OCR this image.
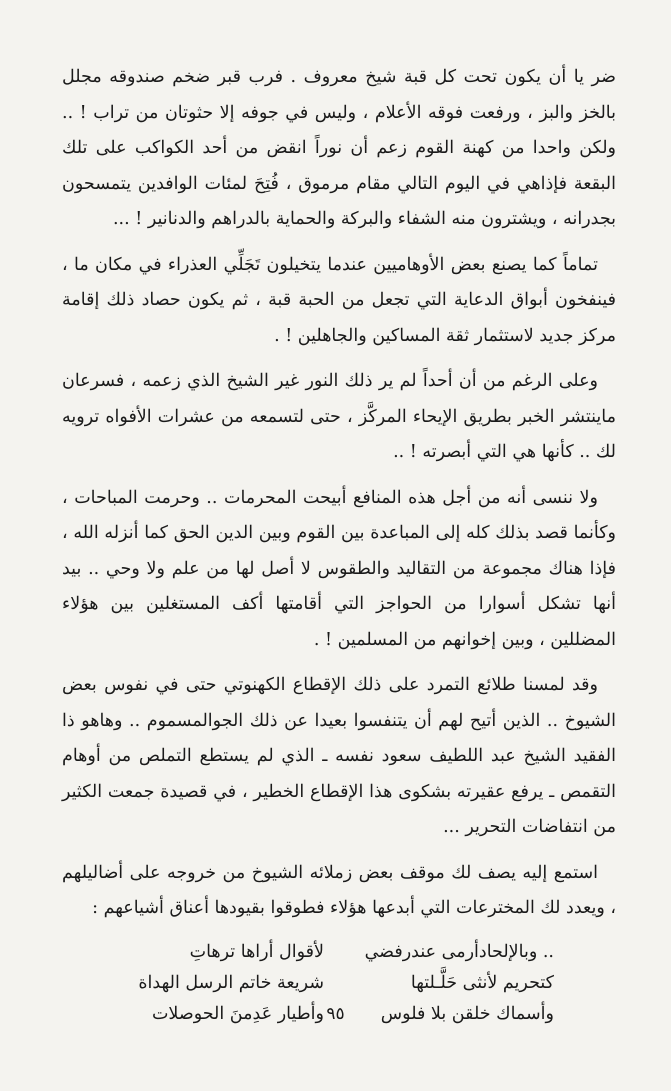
ضر يا أن يكون تحت كل قبة شيخ معروف . فرب قبر ضخم صندوقه مجلل بالخز والبز ، ورفعت فوقه الأعلام ، وليس في جوفه إلا حثوتان من تراب ! .. ولكن واحدا من كهنة القوم زعم أن نوراً انقض من أحد الكواكب على تلك البقعة فإذاهي في اليوم التالي مقام مرموق ، فُتِحَ لمئات الوافدين يتمسحون بجدرانه ، ويشترون منه الشفاء والبركة والحماية بالدراهم والدنانير ! ...

تماماً كما يصنع بعض الأوهاميين عندما يتخيلون تَجَلِّي العذراء في مكان ما ، فينفخون أبواق الدعاية التي تجعل من الحبة قبة ، ثم يكون حصاد ذلك إقامة مركز جديد لاستثمار ثقة المساكين والجاهلين ! .

وعلى الرغم من أن أحداً لم ير ذلك النور غير الشيخ الذي زعمه ، فسرعان ماينتشر الخبر بطريق الإيحاء المركَّز ، حتى لتسمعه من عشرات الأفواه ترويه لك .. كأنها هي التي أبصرته ! ..

ولا ننسى أنه من أجل هذه المنافع أبيحت المحرمات .. وحرمت المباحات ، وكأنما قصد بذلك كله إلى المباعدة بين القوم وبين الدين الحق كما أنزله الله ، فإذا هناك مجموعة من التقاليد والطقوس لا أصل لها من علم ولا وحي .. بيد أنها تشكل أسوارا من الحواجز التي أقامتها أكف المستغلين بين هؤلاء المضللين ، وبين إخوانهم من المسلمين ! .

وقد لمسنا طلائع التمرد على ذلك الإقطاع الكهنوتي حتى في نفوس بعض الشيوخ .. الذين أتيح لهم أن يتنفسوا بعيدا عن ذلك الجوالمسموم .. وهاهو ذا الفقيد الشيخ عبد اللطيف سعود نفسه ـ الذي لم يستطع التملص من أوهام التقمص ـ يرفع عقيرته بشكوى هذا الإقطاع الخطير ، في قصيدة جمعت الكثير من انتفاضات التحرير ...

استمع إليه يصف لك موقف بعض زملائه الشيوخ من خروجه على أضاليلهم ، ويعدد لك المخترعات التي أبدعها هؤلاء فطوقوا بقيودها أعناق أشياعهم :

.. وبالإلحادأرمى عندرفضي
لأقوال أراها ترهاتِ
كتحريم لأنثى حَلَّـلتها
شريعة خاتم الرسل الهداة
وأسماك خلقن بلا فلوس
وأطيار عَدِمنَ الحوصلات ٩٥
